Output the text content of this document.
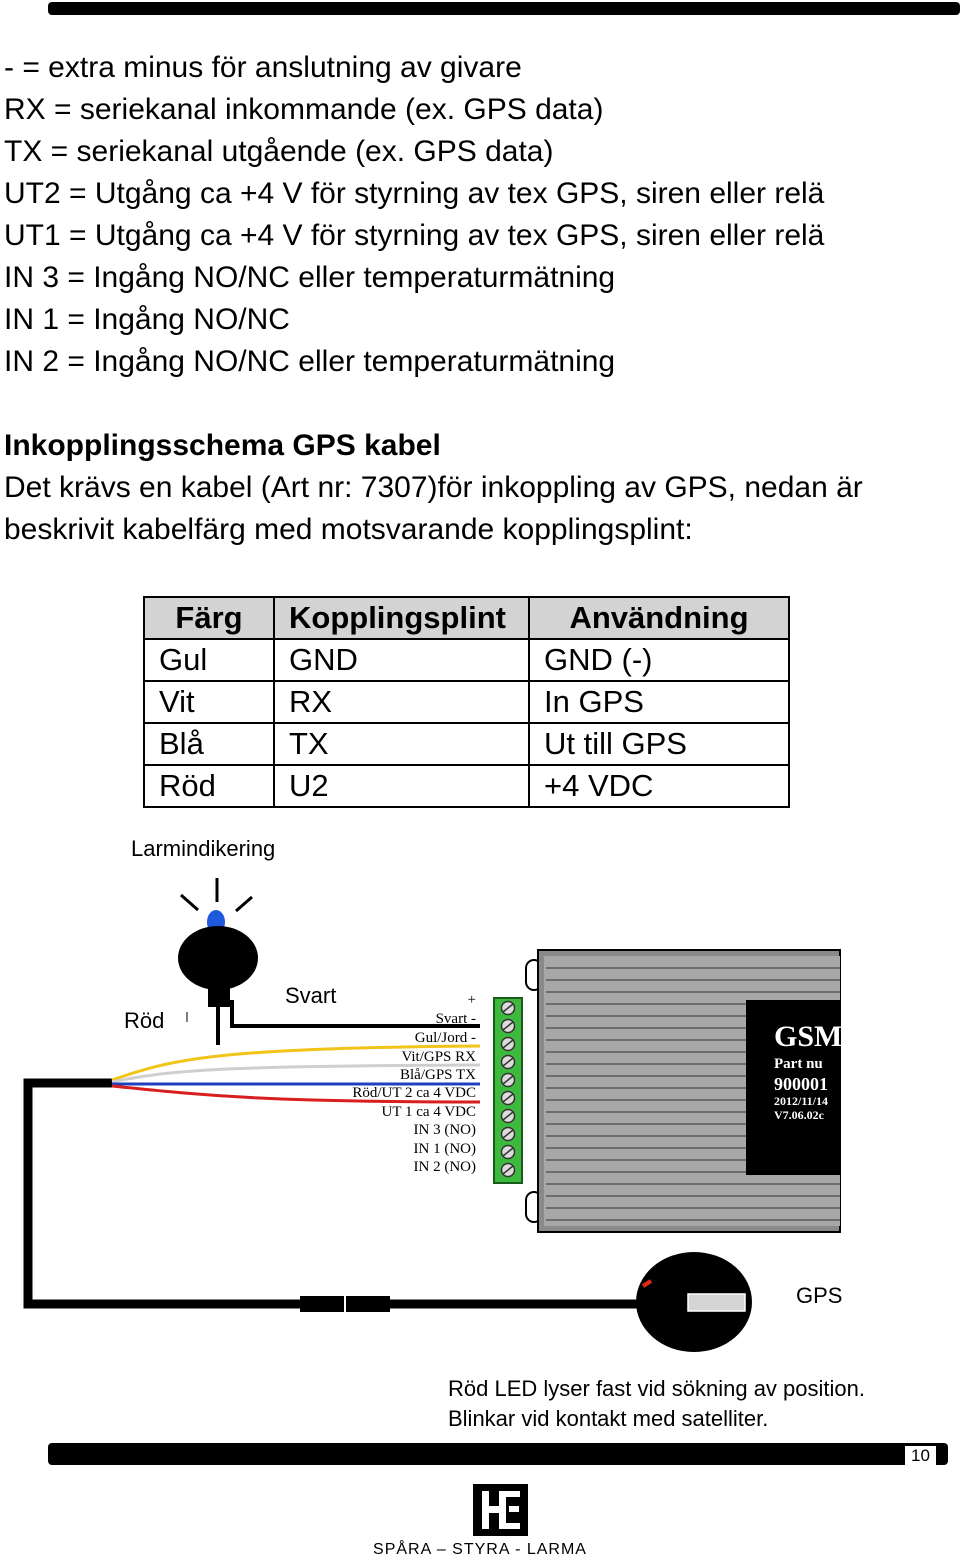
- = extra minus för anslutning av givare
RX = seriekanal inkommande (ex. GPS data)
TX = seriekanal utgående (ex. GPS data)
UT2 = Utgång ca +4 V för styrning av tex GPS, siren eller relä
UT1 = Utgång ca +4 V för styrning av tex GPS, siren eller relä
IN 3 = Ingång NO/NC eller temperaturmätning
IN 1 = Ingång NO/NC
IN 2 = Ingång NO/NC eller temperaturmätning
Inkopplingsschema GPS kabel
Det krävs en kabel (Art nr: 7307)för inkoppling av GPS, nedan är
beskrivit kabelfärg med motsvarande kopplingsplint:
Färg	Kopplingsplint	Användning
Gul	GND	GND (-)
Vit	RX	In GPS
Blå	TX	Ut till GPS
Röd	U2	+4 VDC
Larmindikering
+
Svart -
Gul/Jord -
Vit/GPS RX
Blå/GPS TX
Röd/UT 2 ca 4 VDC
UT 1 ca 4 VDC
IN 3 (NO)
IN 1 (NO)
IN 2 (NO)
GSM
Part nu
900001
2012/11/14
V7.06.02c
Svart
Röd
GPS
Röd LED lyser fast vid sökning av position.
Blinkar vid kontakt med satelliter.
10
SPÅRA – STYRA - LARMA
